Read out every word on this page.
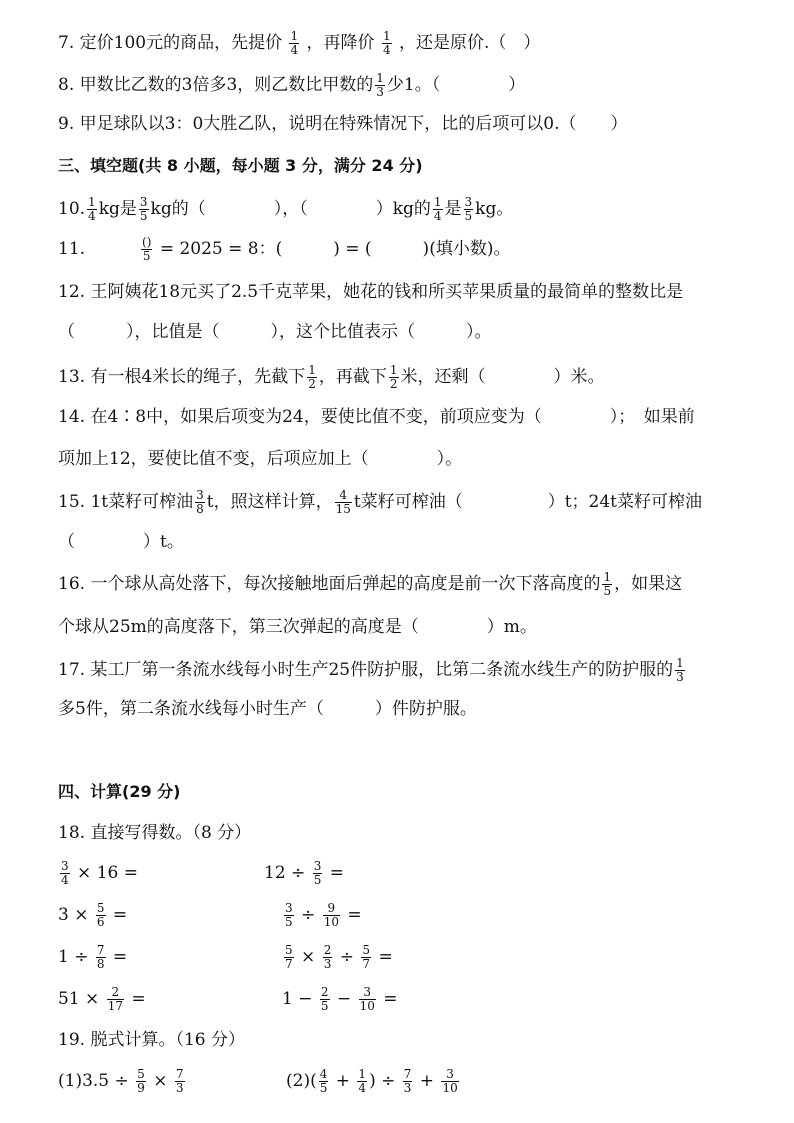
7. 定价100元的商品，先提价 $\frac{1}{4}$ ，再降价 $\frac{1}{4}$ ，还是原价.（　）
8. 甲数比乙数的3倍多3，则乙数比甲数的 $\frac{1}{3}$ 少1。（　　　　）
9. 甲足球队以3：0大胜乙队，说明在特殊情况下，比的后项可以0.（　　）
三、填空题(共 8 小题，每小题 3 分，满分 24 分)
10. $\frac{1}{4}$ kg是 $\frac{3}{5}$ kg的（　　　　），（　　　　）kg的 $\frac{1}{4}$ 是 $\frac{3}{5}$ kg。
11.	()
5 = 2025 = 8：(　　　) = (　　　)(填小数)。
12. 王阿姨花18元买了2.5千克苹果，她花的钱和所买苹果质量的最简单的整数比是
（　　　），比值是（　　　），这个比值表示（　　　）。
13. 有一根4米长的绳子，先截下 $\frac{1}{2}$ ，再截下 $\frac{1}{2}$ 米，还剩（　　　　）米。
14. 在4∶8中，如果后项变为24，要使比值不变，前项应变为（　　　　）；　如果前
项加上12，要使比值不变，后项应加上（　　　　）。
15. 1t菜籽可榨油 $\frac{3}{8}$ t，照这样计算， $\frac{4}{15}$ t菜籽可榨油（　　　　　）t；24t菜籽可榨油
（　　　　）t。
16. 一个球从高处落下，每次接触地面后弹起的高度是前一次下落高度的 $\frac{1}{5}$ ，如果这
个球从25m的高度落下，第三次弹起的高度是（　　　　）m。
17. 某工厂第一条流水线每小时生产25件防护服，比第二条流水线生产的防护服的 $\frac{1}{3}$
多5件，第二条流水线每小时生产（　　　）件防护服。
四、计算(29 分)
18. 直接写得数。（8 分）
$\frac{3}{4} \times 16$ =
$3 \times \frac{5}{6}$ =
$1 \div \frac{7}{8}$ =
$51 \times \frac{2}{17}$ =
$12 \div \frac{3}{5}$ =
$\frac{3}{5} \div \frac{9}{10}$ =
$\frac{5}{7} \times \frac{2}{3} \div \frac{5}{7}$ =
$1 - \frac{2}{5} - \frac{3}{10}$ =
19. 脱式计算。（16 分）
$(1)3.5 \div \frac{5}{9} \times \frac{7}{3}$	$(2)( \frac{4}{5} + \frac{1}{4}$ ) ÷ $\frac{7}{3} + \frac{3}{10}$
